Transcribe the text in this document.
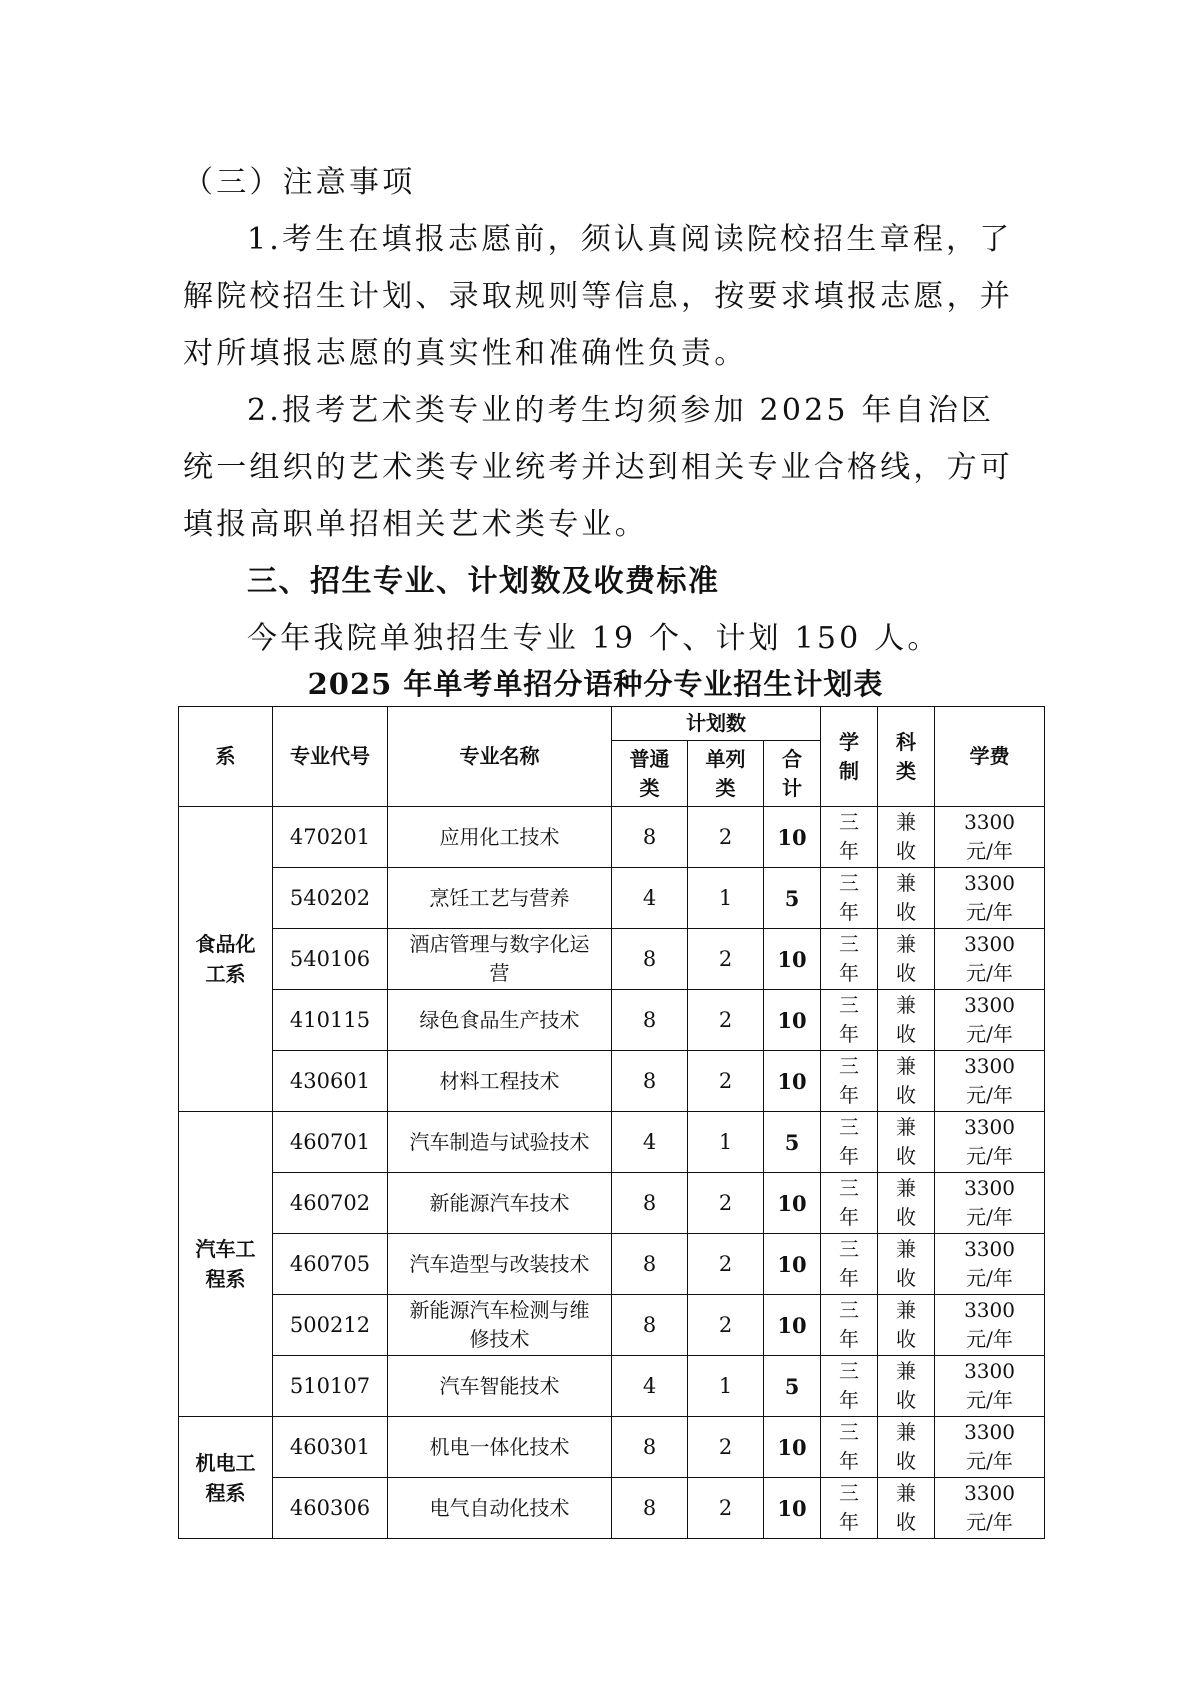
（三）注意事项
1.考生在填报志愿前，须认真阅读院校招生章程，了解院校招生计划、录取规则等信息，按要求填报志愿，并对所填报志愿的真实性和准确性负责。
2.报考艺术类专业的考生均须参加 2025 年自治区统一组织的艺术类专业统考并达到相关专业合格线，方可填报高职单招相关艺术类专业。
三、招生专业、计划数及收费标准
今年我院单独招生专业 19 个、计划 150 人。
2025 年单考单招分语种分专业招生计划表
系	专业代号	专业名称	计划数			学制	科类	学费

			普通类	单列类	合计			

食品化工系	470201	应用化工技术	8	2	10	三年	兼收	3300 元/年

	540202	烹饪工艺与营养	4	1	5	三年	兼收	3300 元/年

	540106	酒店管理与数字化运营	8	2	10	三年	兼收	3300 元/年

	410115	绿色食品生产技术	8	2	10	三年	兼收	3300 元/年

	430601	材料工程技术	8	2	10	三年	兼收	3300 元/年

汽车工程系	460701	汽车制造与试验技术	4	1	5	三年	兼收	3300 元/年

	460702	新能源汽车技术	8	2	10	三年	兼收	3300 元/年

	460705	汽车造型与改装技术	8	2	10	三年	兼收	3300 元/年

	500212	新能源汽车检测与维修技术	8	2	10	三年	兼收	3300 元/年

	510107	汽车智能技术	4	1	5	三年	兼收	3300 元/年

机电工程系	460301	机电一体化技术	8	2	10	三年	兼收	3300 元/年

	460306	电气自动化技术	8	2	10	三年	兼收	3300 元/年
